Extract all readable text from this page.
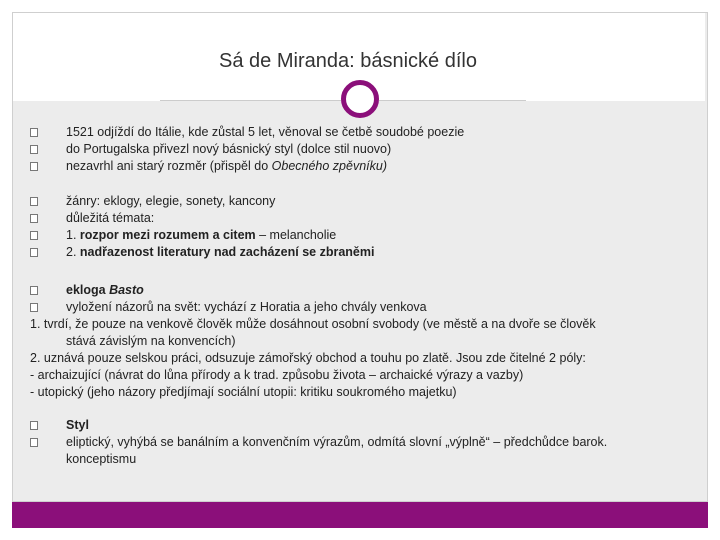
Sá de Miranda: básnické dílo
1521 odjíždí do Itálie, kde zůstal 5 let, věnoval se četbě soudobé poezie
do Portugalska přivezl nový básnický styl (dolce stil nuovo)
nezavrhl ani starý rozměr (přispěl do Obecného zpěvníku)
žánry: eklogy, elegie, sonety, kancony
důležitá témata:
1. rozpor mezi rozumem a citem – melancholie
2. nadřazenost literatury nad zacházení se zbraněmi
ekloga Basto
vyložení názorů na svět: vychází z Horatia a jeho chvály venkova
1. tvrdí, že pouze na venkově člověk může dosáhnout osobní svobody (ve městě a na dvoře se člověk
stává závislým na konvencích)
2. uznává pouze selskou práci, odsuzuje zámořský obchod a touhu po zlatě. Jsou zde čitelné 2 póly:
- archaizující (návrat do lůna přírody a k trad. způsobu života – archaické výrazy a vazby)
- utopický (jeho názory předjímají sociální utopii: kritiku soukromého majetku)
Styl
eliptický, vyhýbá se banálním a konvenčním výrazům, odmítá slovní „výplně“ – předchůdce barok.
konceptismu
